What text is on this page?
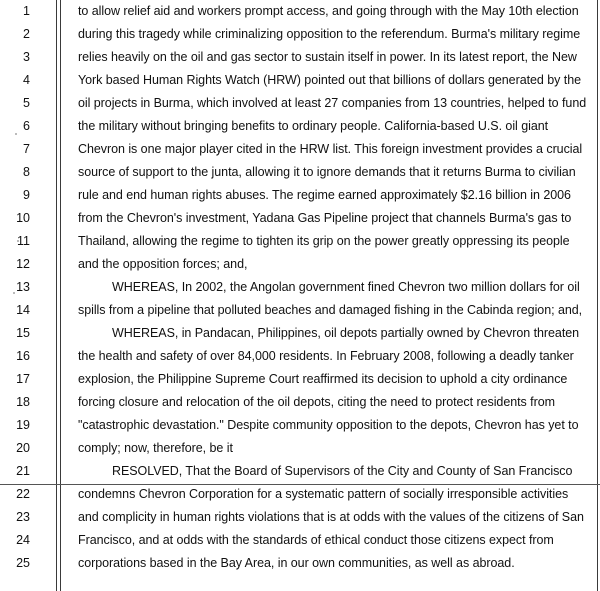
1	to allow relief aid and workers prompt access, and going through with the May 10th election
2	during this tragedy while criminalizing opposition to the referendum. Burma's military regime
3	relies heavily on the oil and gas sector to sustain itself in power. In its latest report, the New
4	York based Human Rights Watch (HRW) pointed out that billions of dollars generated by the
5	oil projects in Burma, which involved at least 27 companies from 13 countries, helped to fund
6	the military without bringing benefits to ordinary people. California-based U.S. oil giant
7	Chevron is one major player cited in the HRW list. This foreign investment provides a crucial
8	source of support to the junta, allowing it to ignore demands that it returns Burma to civilian
9	rule and end human rights abuses. The regime earned approximately $2.16 billion in 2006
10	from the Chevron's investment, Yadana Gas Pipeline project that channels Burma's gas to
11	Thailand, allowing the regime to tighten its grip on the power greatly oppressing its people
12	and the opposition forces; and,
13	WHEREAS, In 2002, the Angolan government fined Chevron two million dollars for oil
14	spills from a pipeline that polluted beaches and damaged fishing in the Cabinda region; and,
15	WHEREAS, in Pandacan, Philippines, oil depots partially owned by Chevron threaten
16	the health and safety of over 84,000 residents. In February 2008, following a deadly tanker
17	explosion, the Philippine Supreme Court reaffirmed its decision to uphold a city ordinance
18	forcing closure and relocation of the oil depots, citing the need to protect residents from
19	"catastrophic devastation." Despite community opposition to the depots, Chevron has yet to
20	comply; now, therefore, be it
21	RESOLVED, That the Board of Supervisors of the City and County of San Francisco
22	condemns Chevron Corporation for a systematic pattern of socially irresponsible activities
23	and complicity in human rights violations that is at odds with the values of the citizens of San
24	Francisco, and at odds with the standards of ethical conduct those citizens expect from
25	corporations based in the Bay Area, in our own communities, as well as abroad.
